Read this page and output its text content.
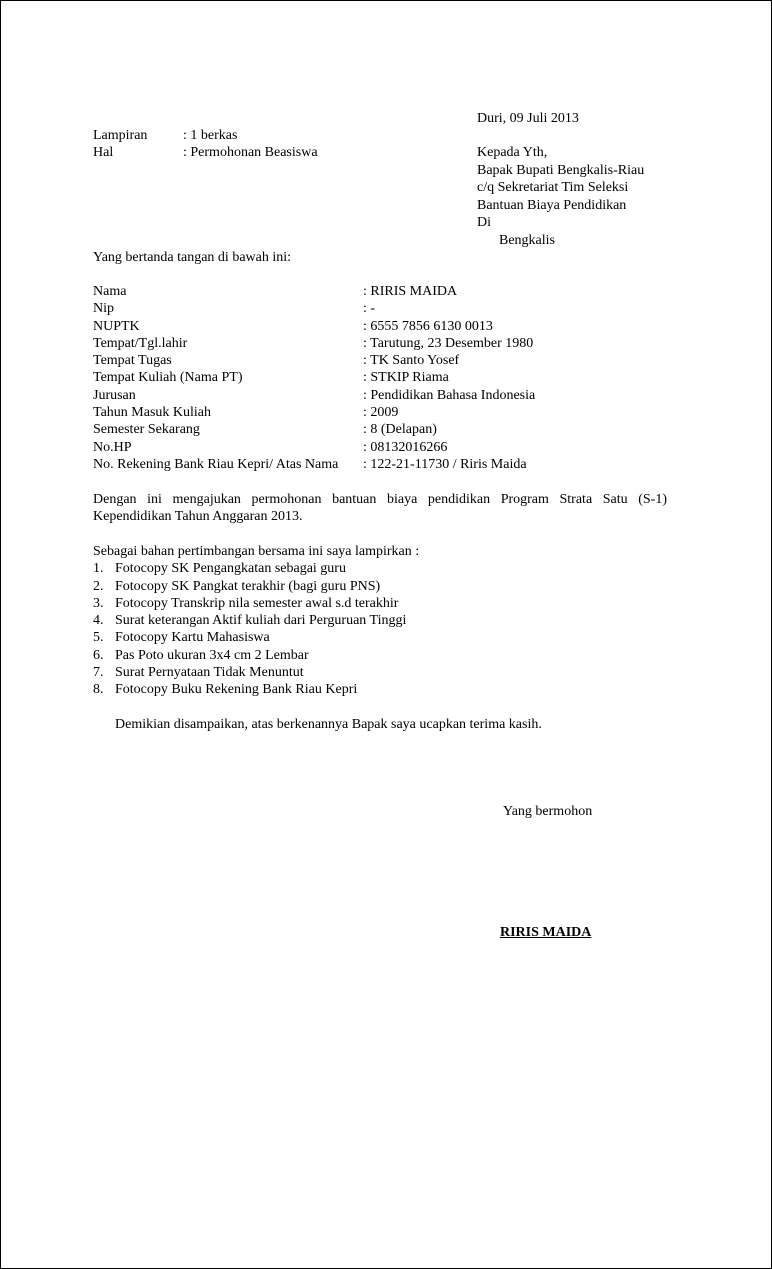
Duri, 09 Juli 2013
Lampiran	: 1 berkas
Hal	: Permohonan Beasiswa	Kepada Yth,
Bapak Bupati Bengkalis-Riau
c/q Sekretariat Tim Seleksi
Bantuan Biaya Pendidikan
Di
Bengkalis
Yang bertanda tangan di bawah ini:
Nama	: RIRIS MAIDA
Nip	: -
NUPTK	: 6555 7856 6130 0013
Tempat/Tgl.lahir	: Tarutung, 23 Desember 1980
Tempat Tugas	: TK Santo Yosef
Tempat Kuliah (Nama PT)	: STKIP Riama
Jurusan	: Pendidikan Bahasa Indonesia
Tahun Masuk Kuliah	: 2009
Semester Sekarang	: 8 (Delapan)
No.HP	: 08132016266
No. Rekening Bank Riau Kepri/ Atas Nama : 122-21-11730 / Riris Maida
Dengan ini mengajukan permohonan bantuan biaya pendidikan Program Strata Satu (S-1) Kependidikan Tahun Anggaran 2013.
Sebagai bahan pertimbangan bersama ini saya lampirkan :
1. Fotocopy SK Pengangkatan sebagai guru
2. Fotocopy SK Pangkat terakhir (bagi guru PNS)
3. Fotocopy Transkrip nila semester awal s.d terakhir
4. Surat keterangan Aktif kuliah dari Perguruan Tinggi
5. Fotocopy Kartu Mahasiswa
6. Pas Poto ukuran 3x4 cm 2 Lembar
7. Surat Pernyataan Tidak Menuntut
8. Fotocopy Buku Rekening Bank Riau Kepri
Demikian disampaikan, atas berkenannya Bapak saya ucapkan terima kasih.
Yang bermohon
RIRIS MAIDA
